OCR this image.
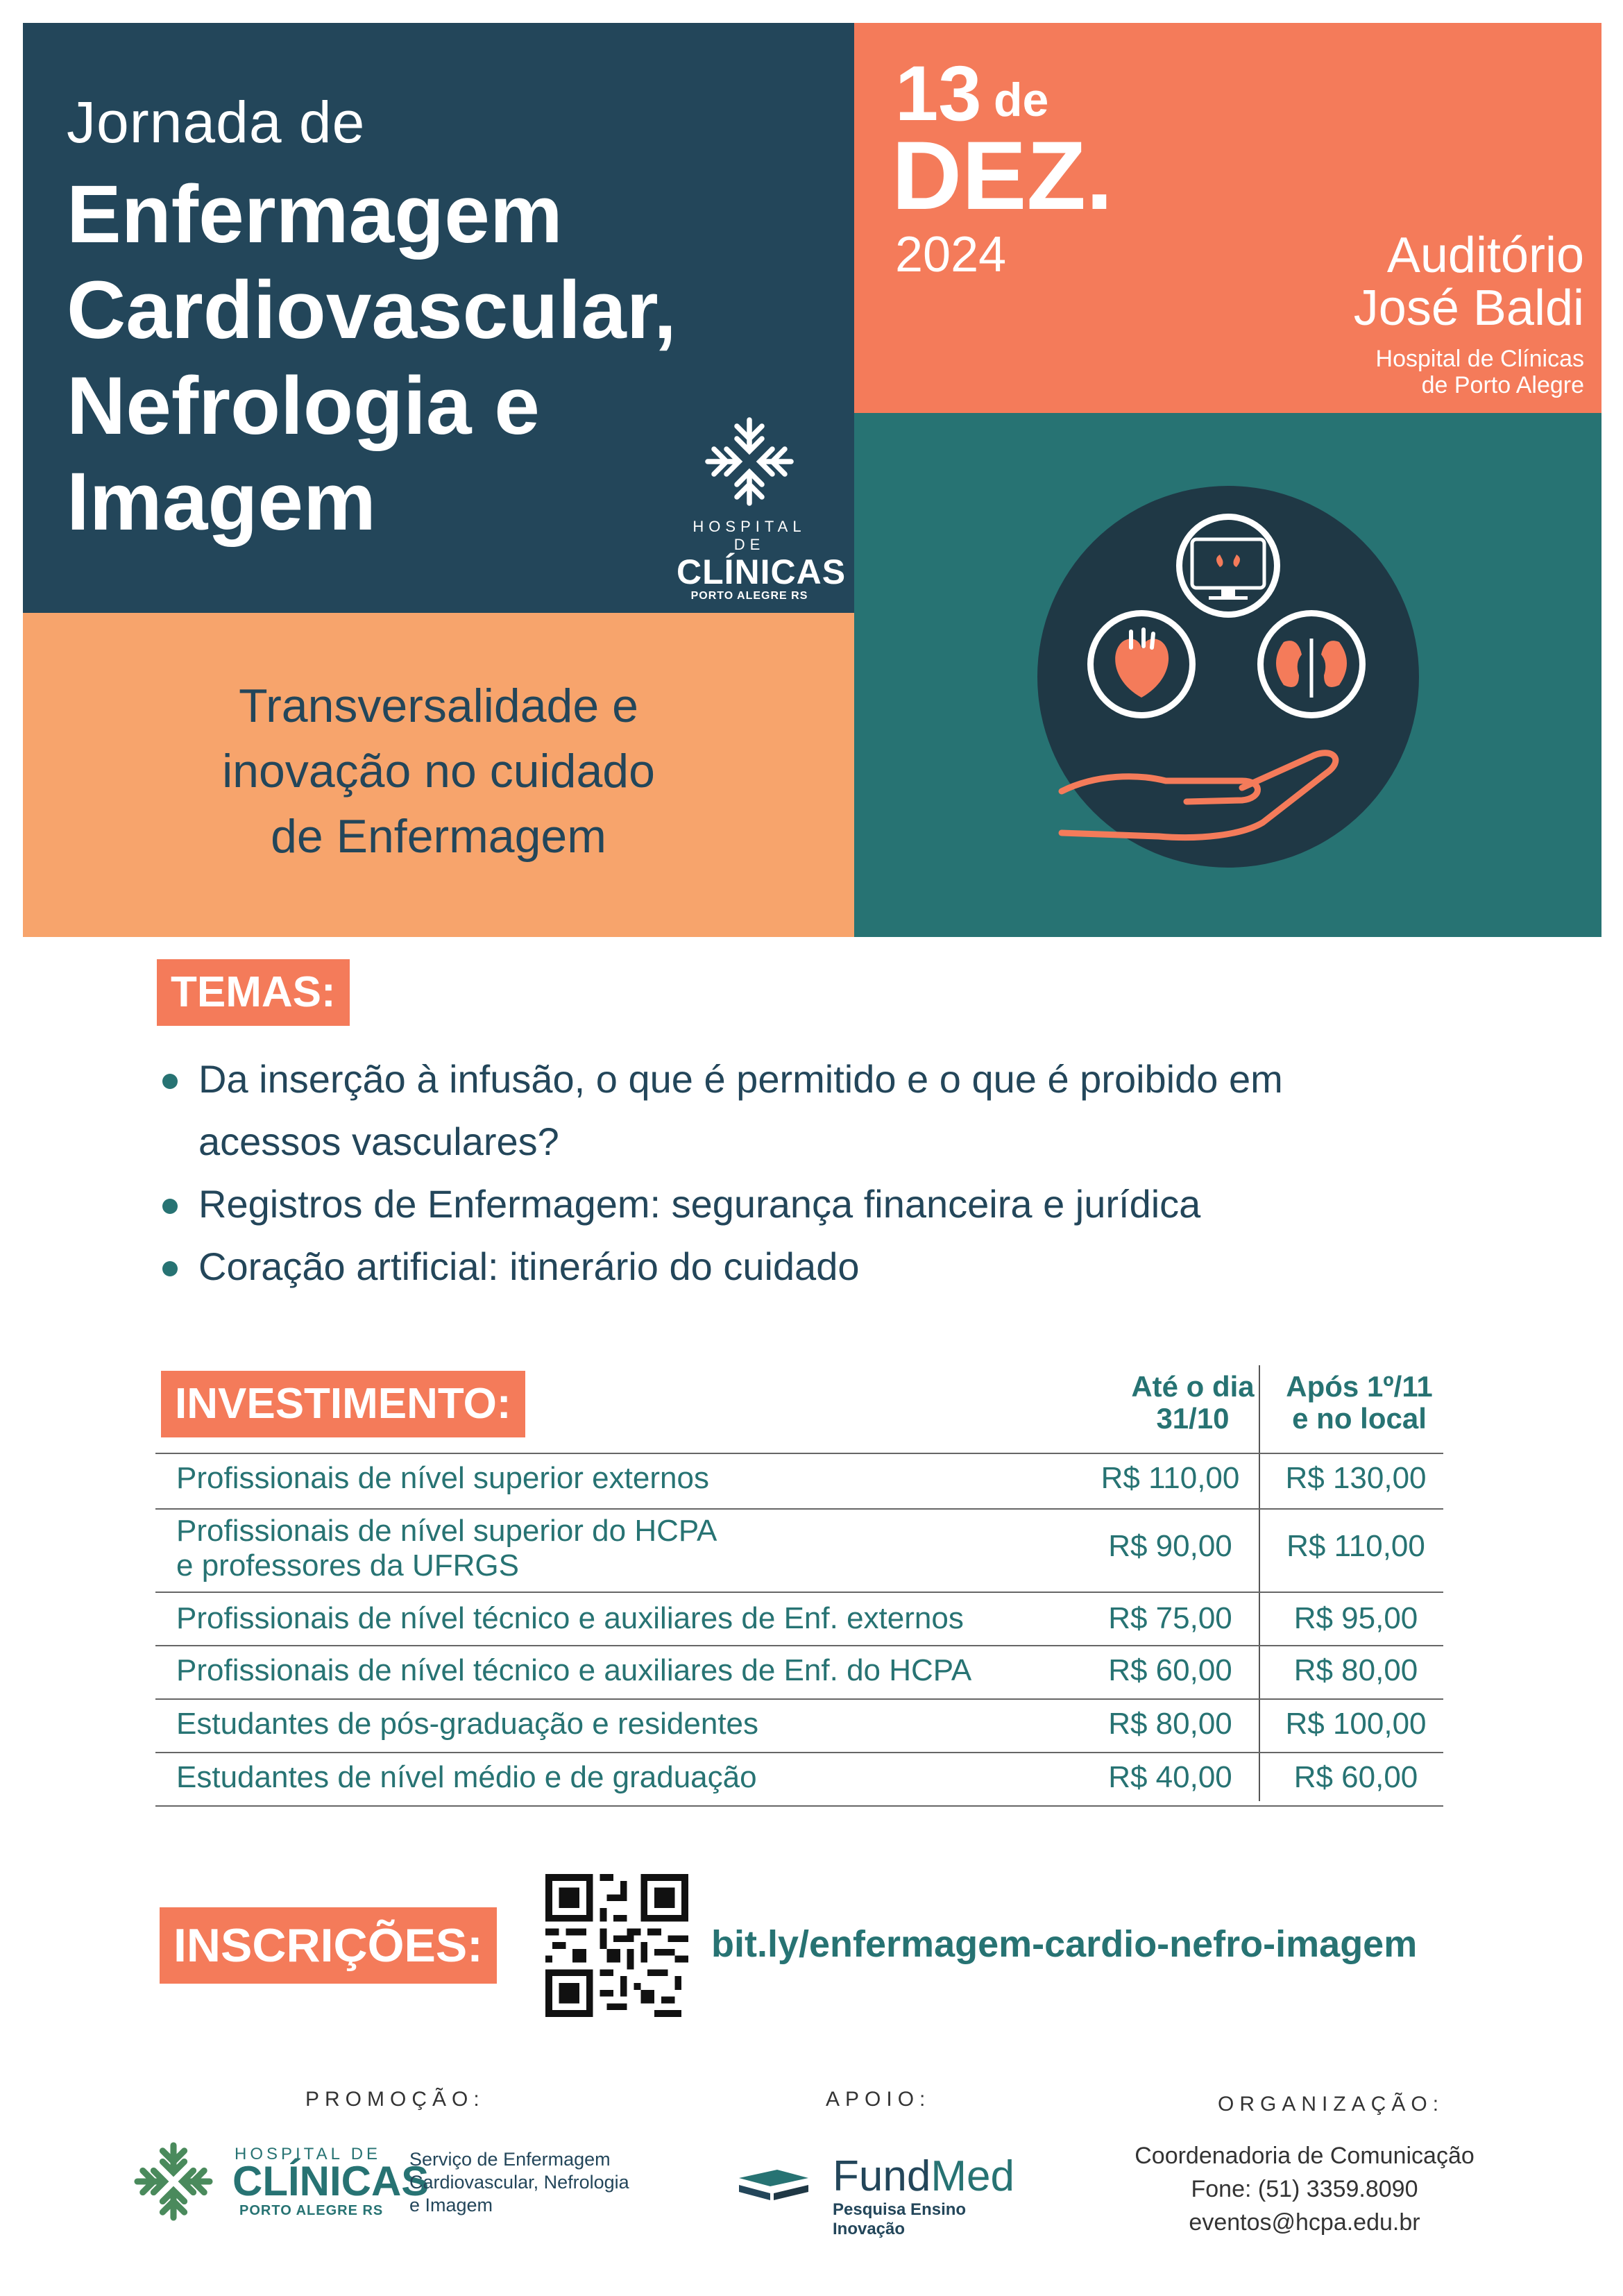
Jornada de
Enfermagem
Cardiovascular,
Nefrologia e
Imagem	HOSPITAL DE
CLÍNICAS
PORTO ALEGRE RS
Transversalidade e
inovação no cuidado
de Enfermagem
13 de
DEZ.
2024	Auditório
José Baldi
Hospital de Clínicas
de Porto Alegre
TEMAS:
Da inserção à infusão, o que é permitido e o que é proibido em
acessos vasculares?
Registros de Enfermagem: segurança financeira e jurídica
Coração artificial: itinerário do cuidado
Até o dia
31/10
Após 1º/11
e no local
Profissionais de nível superior externos	R$ 110,00	R$ 130,00
Profissionais de nível superior do HCPA
e professores da UFRGS
R$ 90,00	R$ 110,00
Profissionais de nível técnico e auxiliares de Enf. externos	R$ 75,00	R$ 95,00
Profissionais de nível técnico e auxiliares de Enf. do HCPA	R$ 60,00	R$ 80,00
Estudantes de pós-graduação e residentes	R$ 80,00	R$ 100,00
Estudantes de nível médio e de graduação	R$ 40,00	R$ 60,00
INVESTIMENTO:
INSCRIÇÕES:	bit.ly/enfermagem-cardio-nefro-imagem
PROMOÇÃO:	APOIO:	ORGANIZAÇÃO:
HOSPITAL DE
CLÍNICAS
PORTO ALEGRE RS
Serviço de Enfermagem
Cardiovascular, Nefrologia
e Imagem
FundMed
Pesquisa Ensino Inovação
Coordenadoria de Comunicação
Fone: (51) 3359.8090
eventos@hcpa.edu.br
